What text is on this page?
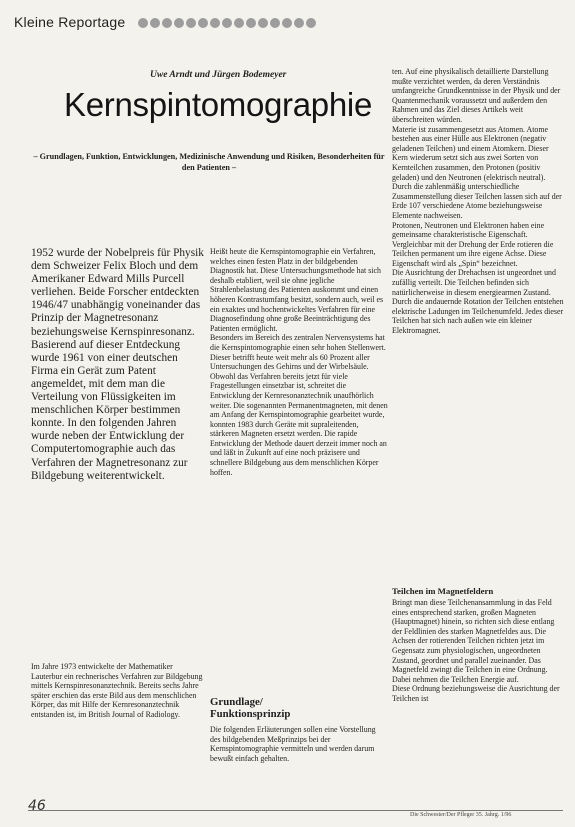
Kleine Reportage
Uwe Arndt und Jürgen Bodemeyer
Kernspintomographie
– Grundlagen, Funktion, Entwicklungen, Medizinische Anwendung und Risiken, Besonderheiten für den Patienten –
1952 wurde der Nobelpreis für Physik dem Schweizer Felix Bloch und dem Amerikaner Edward Mills Purcell verliehen. Beide Forscher entdeckten 1946/47 unabhängig voneinander das Prinzip der Magnetresonanz beziehungsweise Kernspinresonanz. Basierend auf dieser Entdeckung wurde 1961 von einer deutschen Firma ein Gerät zum Patent angemeldet, mit dem man die Verteilung von Flüssigkeiten im menschlichen Körper bestimmen konnte. In den folgenden Jahren wurde neben der Entwicklung der Computertomographie auch das Verfahren der Magnetresonanz zur Bildgebung weiterentwickelt.
Heißt heute die Kernspintomographie ein Verfahren, welches einen festen Platz in der bildgebenden Diagnostik hat. Diese Untersuchungsmethode hat sich deshalb etabliert, weil sie ohne jegliche Strahlenbelastung des Patienten auskommt und einen höheren Kontrastumfang besitzt, sondern auch, weil es ein exaktes und hochentwickeltes Verfahren für eine Diagnosefindung ohne große Beeinträchtigung des Patienten ermöglicht.
Besonders im Bereich des zentralen Nervensystems hat die Kernspintomographie einen sehr hohen Stellenwert. Dieser betrifft heute weit mehr als 60 Prozent aller Untersuchungen des Gehirns und der Wirbelsäule. Obwohl das Verfahren bereits jetzt für viele Fragestellungen einsetzbar ist, schreitet die Entwicklung der Kernresonanztechnik unaufhörlich weiter. Die sogenannten Permanentmagneten, mit denen am Anfang der Kernspintomographie gearbeitet wurde, konnten 1983 durch Geräte mit supraleitenden, stärkeren Magneten ersetzt werden. Die rapide Entwicklung der Methode dauert derzeit immer noch an und läßt in Zukunft auf eine noch präzisere und schnellere Bildgebung aus dem menschlichen Körper hoffen.
Im Jahre 1973 entwickelte der Mathematiker Lauterbur ein rechnerisches Verfahren zur Bildgebung mittels Kernspinresonanztechnik. Bereits sechs Jahre später erschien das erste Bild aus dem menschlichen Körper, das mit Hilfe der Kernresonanztechnik entstanden ist, im British Journal of Radiology.
Grundlage/
Funktionsprinzip
Die folgenden Erläuterungen sollen eine Vorstellung des bildgebenden Meßprinzips bei der Kernspintomographie vermitteln und werden darum bewußt einfach gehalten.
ten. Auf eine physikalisch detaillierte Darstellung mußte verzichtet werden, da deren Verständnis umfangreiche Grundkenntnisse in der Physik und der Quantenmechanik voraussetzt und außerdem den Rahmen und das Ziel dieses Artikels weit überschreiten würden.
Materie ist zusammengesetzt aus Atomen. Atome bestehen aus einer Hülle aus Elektronen (negativ geladenen Teilchen) und einem Atomkern. Dieser Kern wiederum setzt sich aus zwei Sorten von Kernteilchen zusammen, den Protonen (positiv geladen) und den Neutronen (elektrisch neutral). Durch die zahlenmäßig unterschiedliche Zusammenstellung dieser Teilchen lassen sich auf der Erde 107 verschiedene Atome beziehungsweise Elemente nachweisen.
Protonen, Neutronen und Elektronen haben eine gemeinsame charakteristische Eigenschaft. Vergleichbar mit der Drehung der Erde rotieren die Teilchen permanent um ihre eigene Achse. Diese Eigenschaft wird als „Spin“ bezeichnet.
Die Ausrichtung der Drehachsen ist ungeordnet und zufällig verteilt. Die Teilchen befinden sich natürlicherweise in diesem energiearmen Zustand. Durch die andauernde Rotation der Teilchen entstehen elektrische Ladungen im Teilchenumfeld. Jedes dieser Teilchen hat sich nach außen wie ein kleiner Elektromagnet.
Teilchen im Magnetfeldern
Bringt man diese Teilchenansammlung in das Feld eines entsprechend starken, großen Magneten (Hauptmagnet) hinein, so richten sich diese entlang der Feldlinien des starken Magnetfeldes aus. Die Achsen der rotierenden Teilchen richten jetzt im Gegensatz zum physiologischen, ungeordneten Zustand, geordnet und parallel zueinander. Das Magnetfeld zwingt die Teilchen in eine Ordnung. Dabei nehmen die Teilchen Energie auf.
Diese Ordnung beziehungsweise die Ausrichtung der Teilchen ist
46
Die Schwester/Der Pfleger 35. Jahrg. 1/96
